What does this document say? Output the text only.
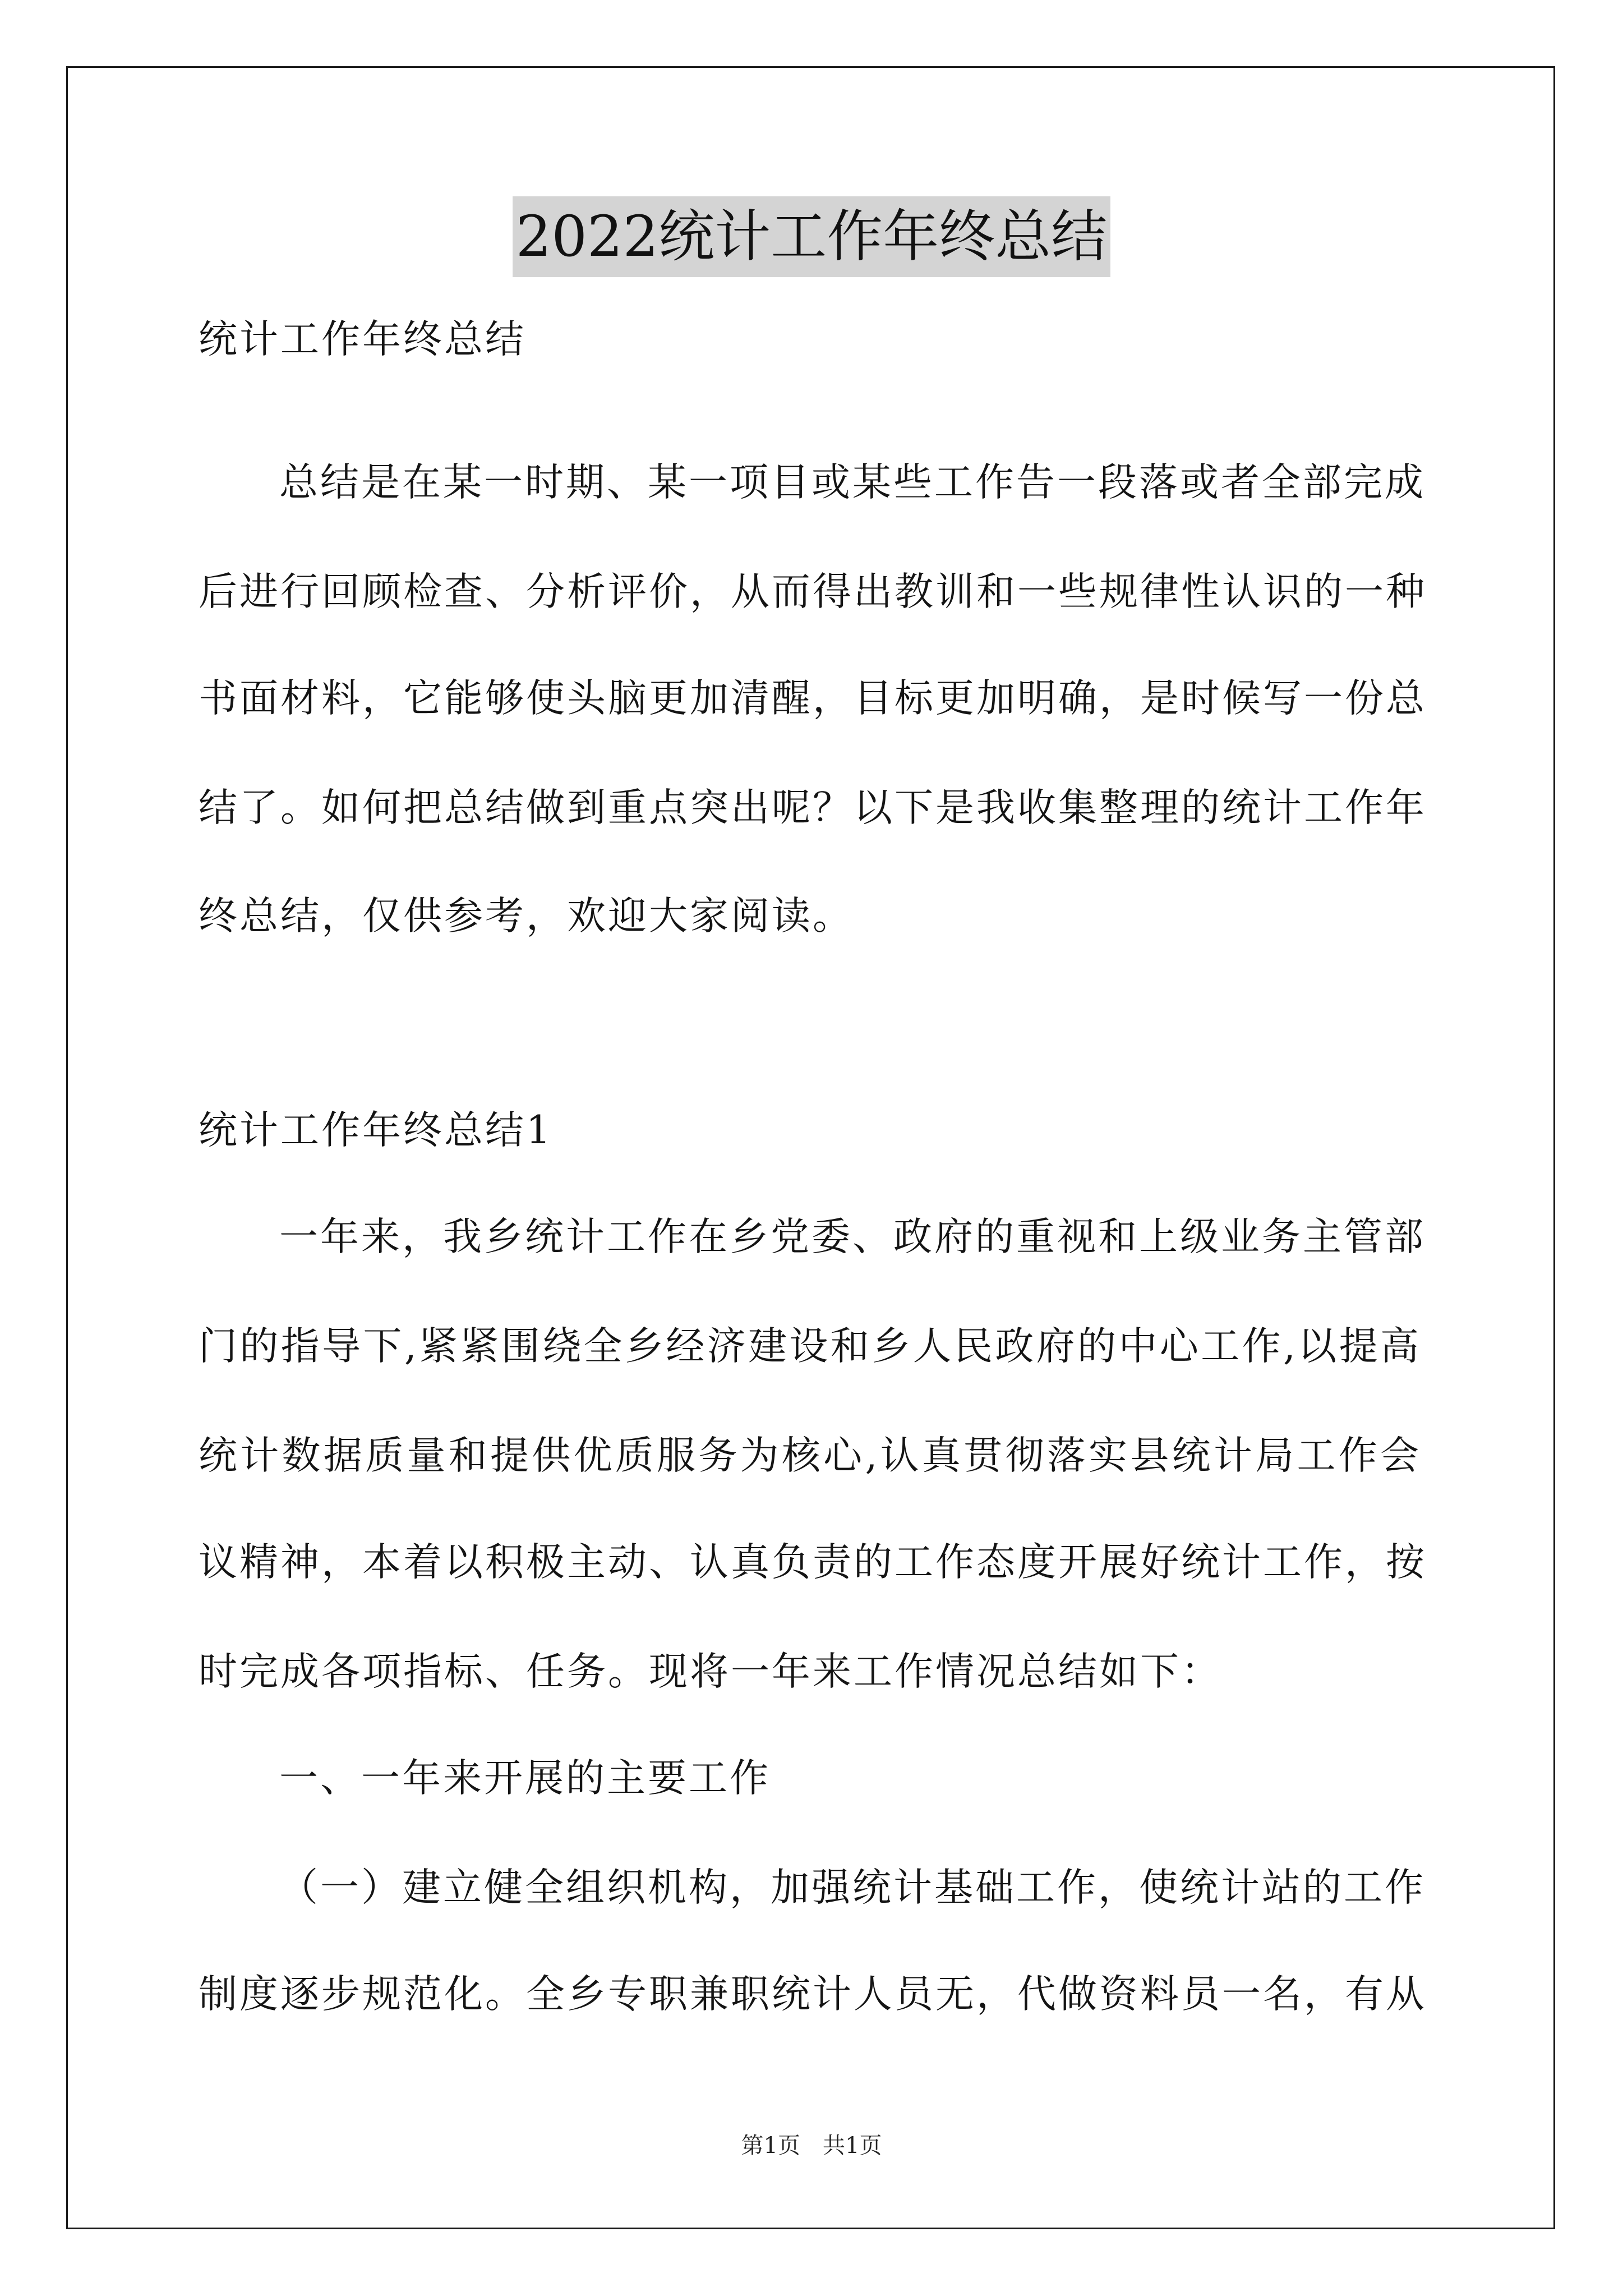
2022统计工作年终总结
统计工作年终总结
总结是在某一时期、某一项目或某些工作告一段落或者全部完成
后进行回顾检查、分析评价，从而得出教训和一些规律性认识的一种
书面材料，它能够使头脑更加清醒，目标更加明确，是时候写一份总
结了。如何把总结做到重点突出呢？以下是我收集整理的统计工作年
终总结，仅供参考，欢迎大家阅读。
统计工作年终总结1
一年来，我乡统计工作在乡党委、政府的重视和上级业务主管部
门的指导下,紧紧围绕全乡经济建设和乡人民政府的中心工作,以提高
统计数据质量和提供优质服务为核心,认真贯彻落实县统计局工作会
议精神，本着以积极主动、认真负责的工作态度开展好统计工作，按
时完成各项指标、任务。现将一年来工作情况总结如下：
一、一年来开展的主要工作
（一）建立健全组织机构，加强统计基础工作，使统计站的工作
制度逐步规范化。全乡专职兼职统计人员无，代做资料员一名，有从
第1页　共1页
